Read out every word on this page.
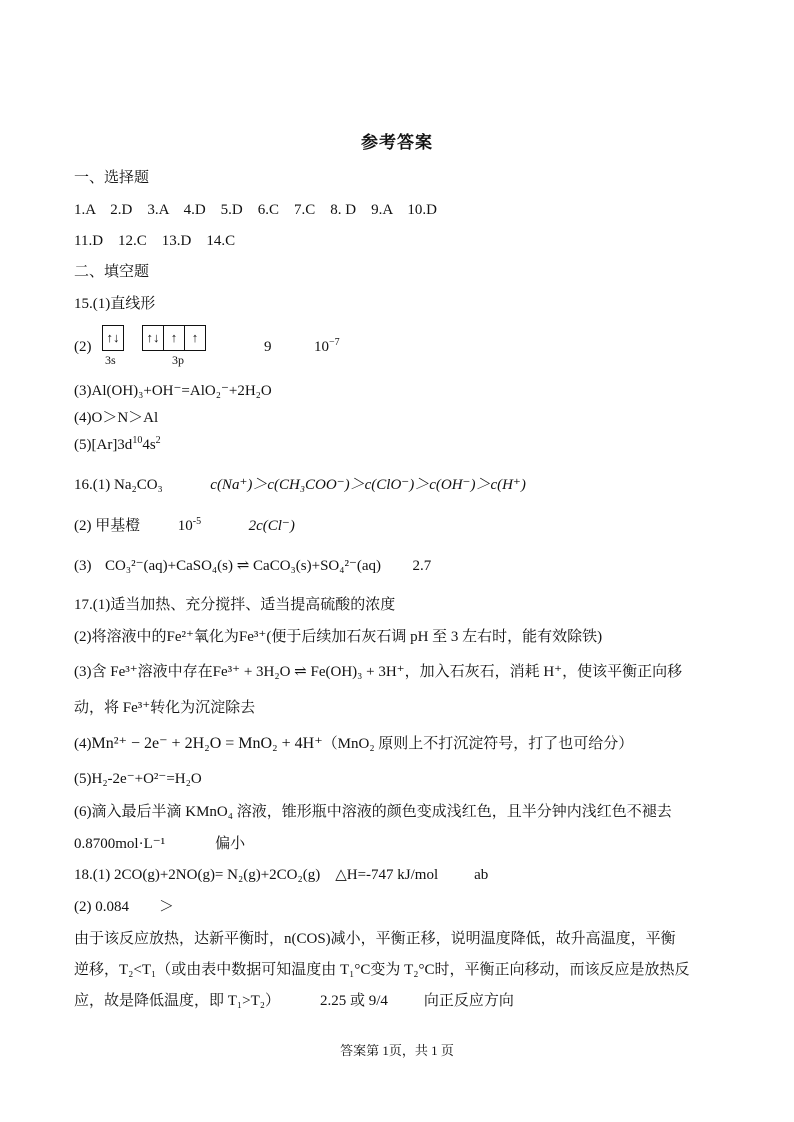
参考答案
一、选择题
1.A　2.D　3.A　4.D　5.D　6.C　7.C　8. D　9.A　10.D
11.D　12.C　13.D　14.C
二、填空题
15.(1)直线形
(2)
↑↓
3s
↑↓ ↑ ↑
3p
9	$10^{-7}$
(3)Al(OH)₃+OH⁻=AlO₂⁻+2H₂O
(4)O＞N＞Al
$(5)[Ar]3d^{10}4s^2$
16.(1) Na₂CO₃	c(Na⁺)＞c(CH₃COO⁻)＞c(ClO⁻)＞c(OH⁻)＞c(H⁺)
(2) 甲基橙	$10^{-5}$	2c(Cl⁻)
(3) CO₃²⁻(aq)+CaSO₄(s) ⇌ CaCO₃(s)+SO₄²⁻(aq) 2.7
17.(1)适当加热、充分搅拌、适当提高硫酸的浓度
(2)将溶液中的Fe²⁺氧化为Fe³⁺(便于后续加石灰石调 pH 至 3 左右时，能有效除铁)
(3)含 Fe³⁺溶液中存在Fe³⁺ + 3H₂O ⇌ Fe(OH)₃ + 3H⁺，加入石灰石，消耗 H⁺，使该平衡正向移
动，将 Fe³⁺转化为沉淀除去
(4)Mn²⁺ − 2e⁻ + 2H₂O = MnO₂ + 4H⁺（MnO₂ 原则上不打沉淀符号，打了也可给分）
(5)H₂-2e⁻+O²⁻=H₂O
(6)滴入最后半滴 KMnO₄ 溶液，锥形瓶中溶液的颜色变成浅红色，且半分钟内浅红色不褪去
0.8700mol·L⁻¹	偏小
18.(1) 2CO(g)+2NO(g)= N₂(g)+2CO₂(g)　△H=-747 kJ/mol ab
(2) 0.084 ＞
由于该反应放热，达新平衡时，n(COS)减小，平衡正移，说明温度降低，故升高温度，平衡
逆移，T₂<T₁（或由表中数据可知温度由 T₁°C变为 T₂°C时，平衡正向移动，而该反应是放热反
应，故是降低温度，即 T₁>T₂）	2.25 或 9/4 向正反应方向
答案第 1页，共 1 页
